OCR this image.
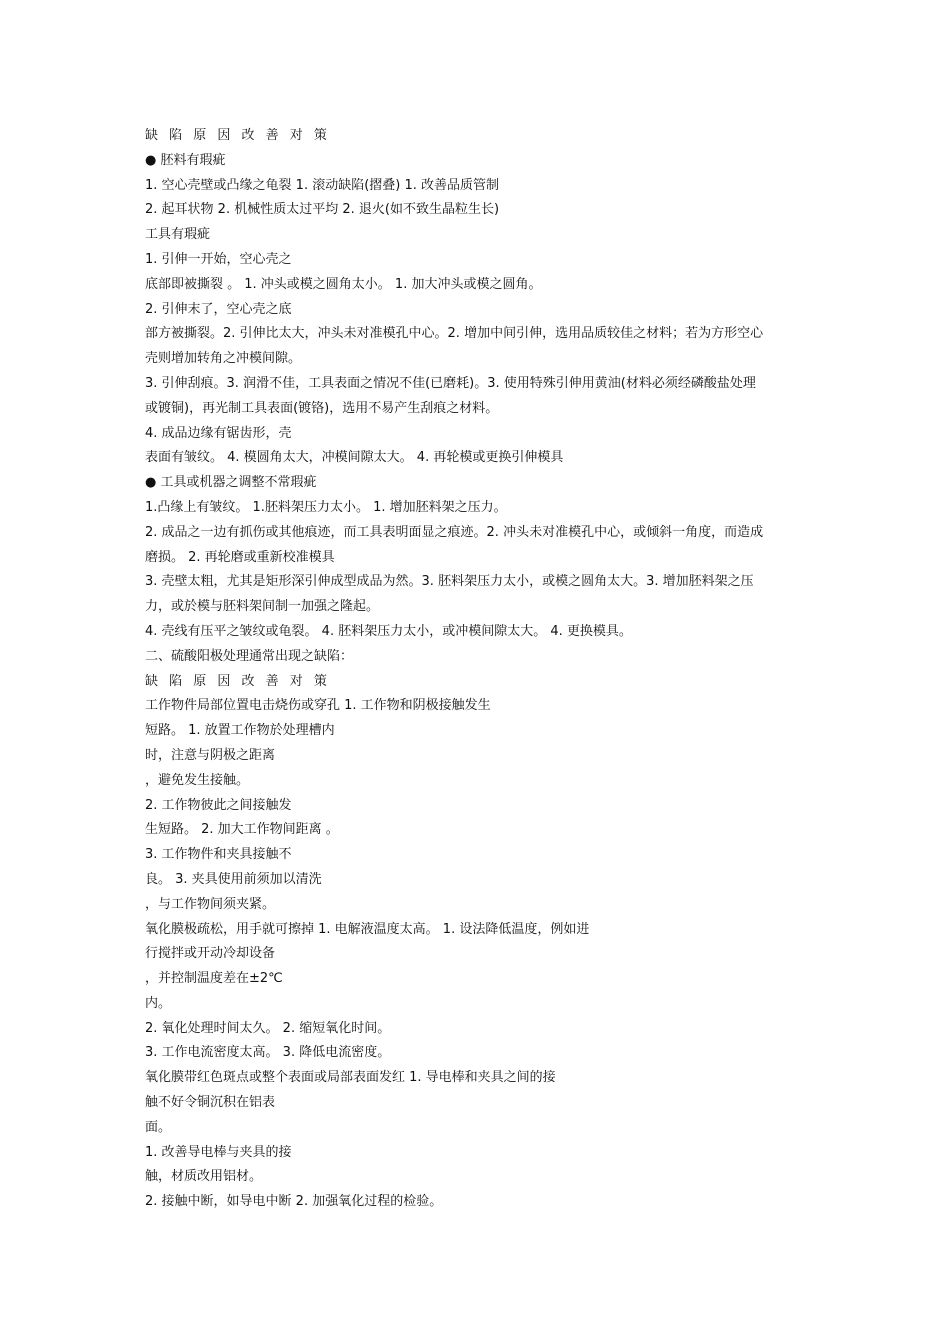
缺 陷 原 因 改 善 对 策

● 胚料有瑕疵

1. 空心壳壁或凸缘之龟裂 1. 滚动缺陷(摺叠) 1. 改善品质管制

2. 起耳状物 2. 机械性质太过平均 2. 退火(如不致生晶粒生长)

工具有瑕疵

1. 引伸一开始，空心壳之

底部即被撕裂 。 1. 冲头或模之圆角太小。 1. 加大冲头或模之圆角。

2. 引伸末了，空心壳之底

部方被撕裂。2. 引伸比太大，冲头未对准模孔中心。2. 增加中间引伸，选用品质较佳之材料；若为方形空心

壳则增加转角之冲模间隙。

3. 引伸刮痕。3. 润滑不佳，工具表面之情况不佳(已磨耗)。3. 使用特殊引伸用黄油(材料必须经磷酸盐处理

或镀铜)，再光制工具表面(镀铬)，选用不易产生刮痕之材料。

4. 成品边缘有锯齿形，壳

表面有皱纹。 4. 模圆角太大，冲模间隙太大。 4. 再轮模或更换引伸模具

● 工具或机器之调整不常瑕疵

1.凸缘上有皱纹。 1.胚料架压力太小。 1. 增加胚料架之压力。

2. 成品之一边有抓伤或其他痕迹，而工具表明面显之痕迹。2. 冲头未对准模孔中心，或倾斜一角度，而造成

磨损。 2. 再轮磨或重新校准模具

3. 壳壁太粗，尤其是矩形深引伸成型成品为然。3. 胚料架压力太小，或模之圆角太大。3. 增加胚料架之压

力，或於模与胚料架间制一加强之隆起。

4. 壳线有压平之皱纹或龟裂。 4. 胚料架压力太小，或冲模间隙太大。 4. 更换模具。

二、硫酸阳极处理通常出现之缺陷：

缺 陷 原 因 改 善 对 策

工作物件局部位置电击烧伤或穿孔 1. 工作物和阴极接触发生

短路。 1. 放置工作物於处理槽内

时，注意与阴极之距离

，避免发生接触。

2. 工作物彼此之间接触发

生短路。 2. 加大工作物间距离 。

3. 工作物件和夹具接触不

良。 3. 夹具使用前须加以清洗

，与工作物间须夹紧。

氧化膜极疏松，用手就可擦掉 1. 电解液温度太高。 1. 设法降低温度，例如进

行搅拌或开动冷却设备

，并控制温度差在±2℃

内。

2. 氧化处理时间太久。 2. 缩短氧化时间。

3. 工作电流密度太高。 3. 降低电流密度。

氧化膜带红色斑点或整个表面或局部表面发红 1. 导电棒和夹具之间的接

触不好令铜沉积在铝表

面。

1. 改善导电棒与夹具的接

触，材质改用铝材。

2. 接触中断，如导电中断 2. 加强氧化过程的检验。
